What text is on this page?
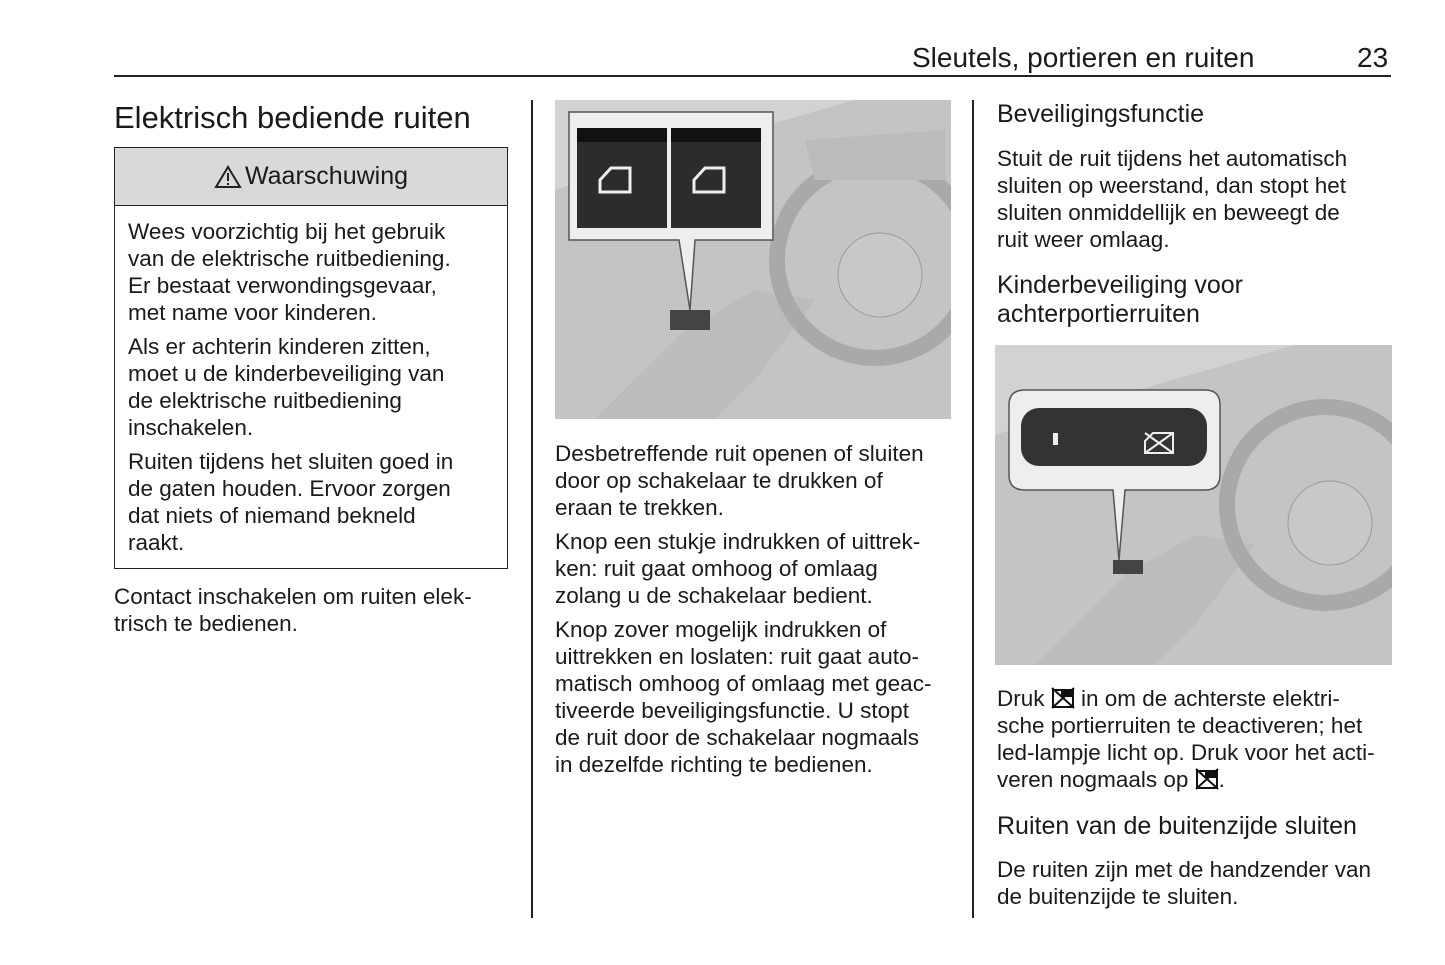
Sleutels, portieren en ruiten	23
Elektrisch bediende ruiten
Waarschuwing

Wees voorzichtig bij het gebruik
van de elektrische ruitbediening.
Er bestaat verwondingsgevaar,
met name voor kinderen.

Als er achterin kinderen zitten,
moet u de kinderbeveiliging van
de elektrische ruitbediening
inschakelen.

Ruiten tijdens het sluiten goed in
de gaten houden. Ervoor zorgen
dat niets of niemand bekneld
raakt.

Contact inschakelen om ruiten elek-
trisch te bedienen.

Desbetreffende ruit openen of sluiten
door op schakelaar te drukken of
eraan te trekken.

Knop een stukje indrukken of uittrek-
ken: ruit gaat omhoog of omlaag
zolang u de schakelaar bedient.

Knop zover mogelijk indrukken of
uittrekken en loslaten: ruit gaat auto-
matisch omhoog of omlaag met geac-
tiveerde beveiligingsfunctie. U stopt
de ruit door de schakelaar nogmaals
in dezelfde richting te bedienen.

Beveiligingsfunctie

Stuit de ruit tijdens het automatisch
sluiten op weerstand, dan stopt het
sluiten onmiddellijk en beweegt de
ruit weer omlaag.

Kinderbeveiliging voor
achterportierruiten

Druk  in om de achterste elektri-
sche portierruiten te deactiveren; het
led-lampje licht op. Druk voor het acti-
veren nogmaals op .

Ruiten van de buitenzijde sluiten

De ruiten zijn met de handzender van
de buitenzijde te sluiten.
